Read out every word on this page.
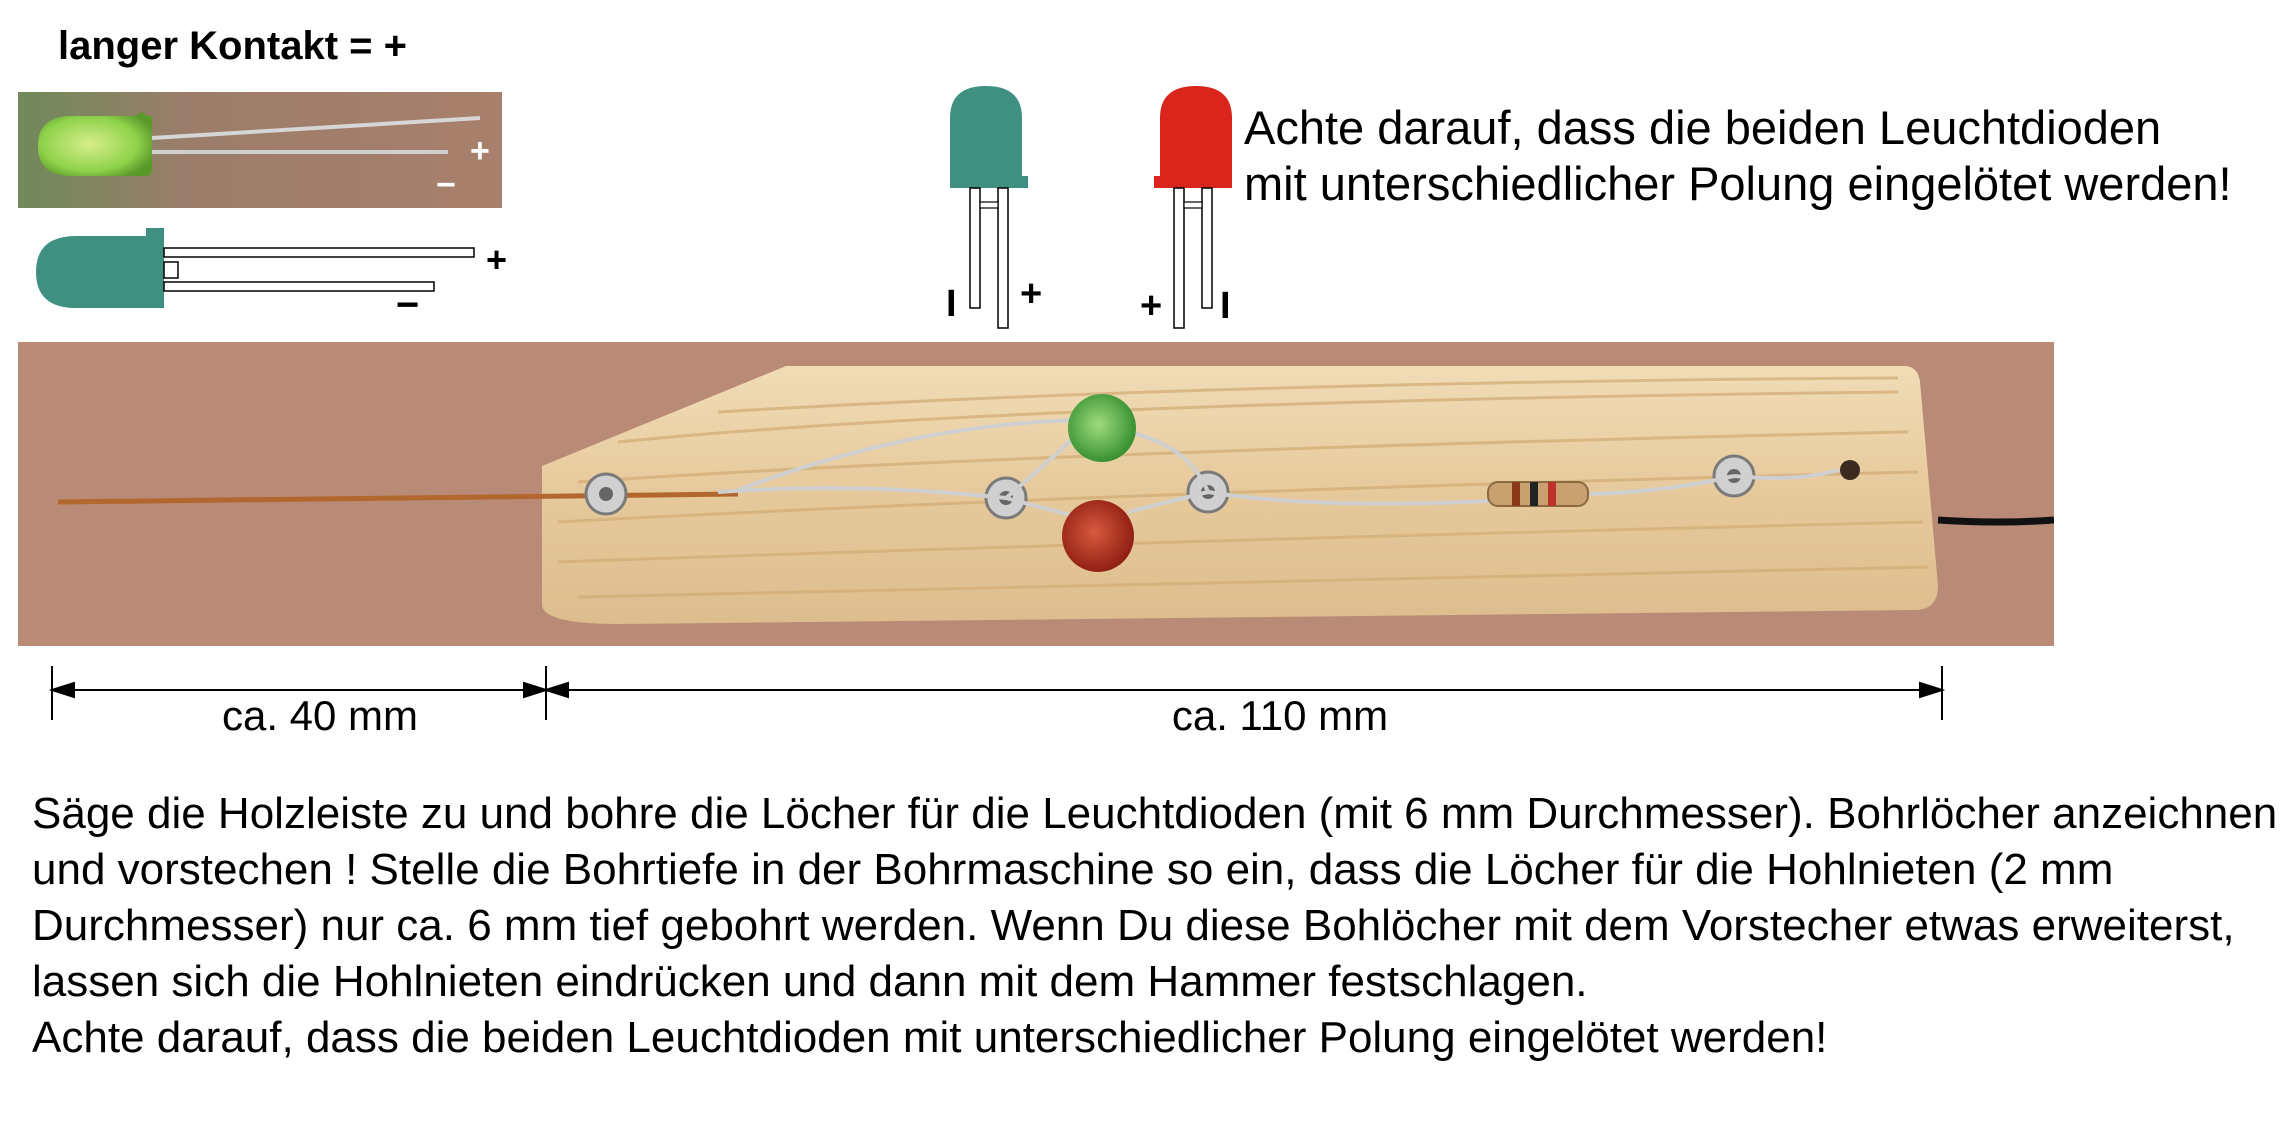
langer Kontakt = +
+
−
+
−	I +	+ I
Achte darauf, dass die beiden Leuchtdioden
mit unterschiedlicher Polung eingelötet werden!
ca. 40 mm	ca. 110 mm

Säge die Holzleiste zu und bohre die Löcher für die Leuchtdioden (mit 6 mm Durchmesser). Bohrlöcher anzeichnen und vorstechen ! Stelle die Bohrtiefe in der Bohrmaschine so ein, dass die Löcher für die Hohlnieten (2 mm Durchmesser) nur ca. 6 mm tief gebohrt werden. Wenn Du diese Bohlöcher mit dem Vorstecher etwas erweiterst, lassen sich die Hohlnieten eindrücken und dann mit dem Hammer festschlagen.

Achte darauf, dass die beiden Leuchtdioden mit unterschiedlicher Polung eingelötet werden!
